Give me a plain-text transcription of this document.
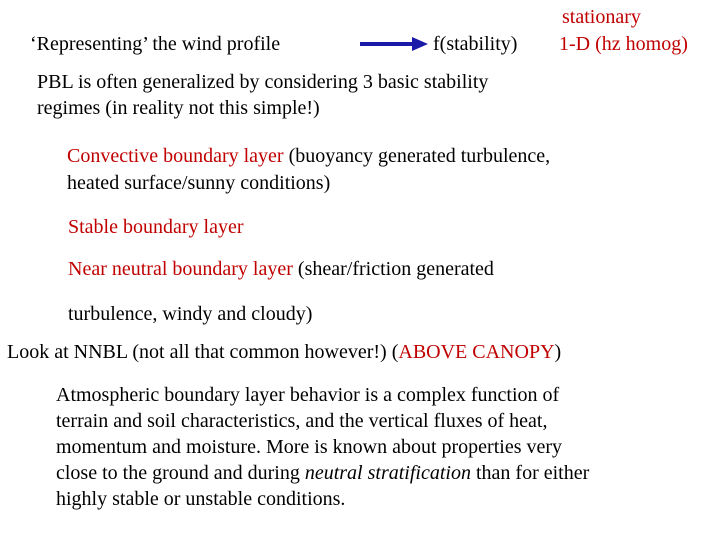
‘Representing’ the wind profile	f(stability)
stationary
1-D (hz homog)
PBL is often generalized by considering 3 basic stability
regimes (in reality not this simple!)
Convective boundary layer (buoyancy generated turbulence,
heated surface/sunny conditions)
Stable boundary layer
Near neutral boundary layer (shear/friction generated
turbulence, windy and cloudy)
Look at NNBL (not all that common however!) (ABOVE CANOPY)
Atmospheric boundary layer behavior is a complex function of
terrain and soil characteristics, and the vertical fluxes of heat,
momentum and moisture. More is known about properties very
close to the ground and during neutral stratification than for either
highly stable or unstable conditions.
